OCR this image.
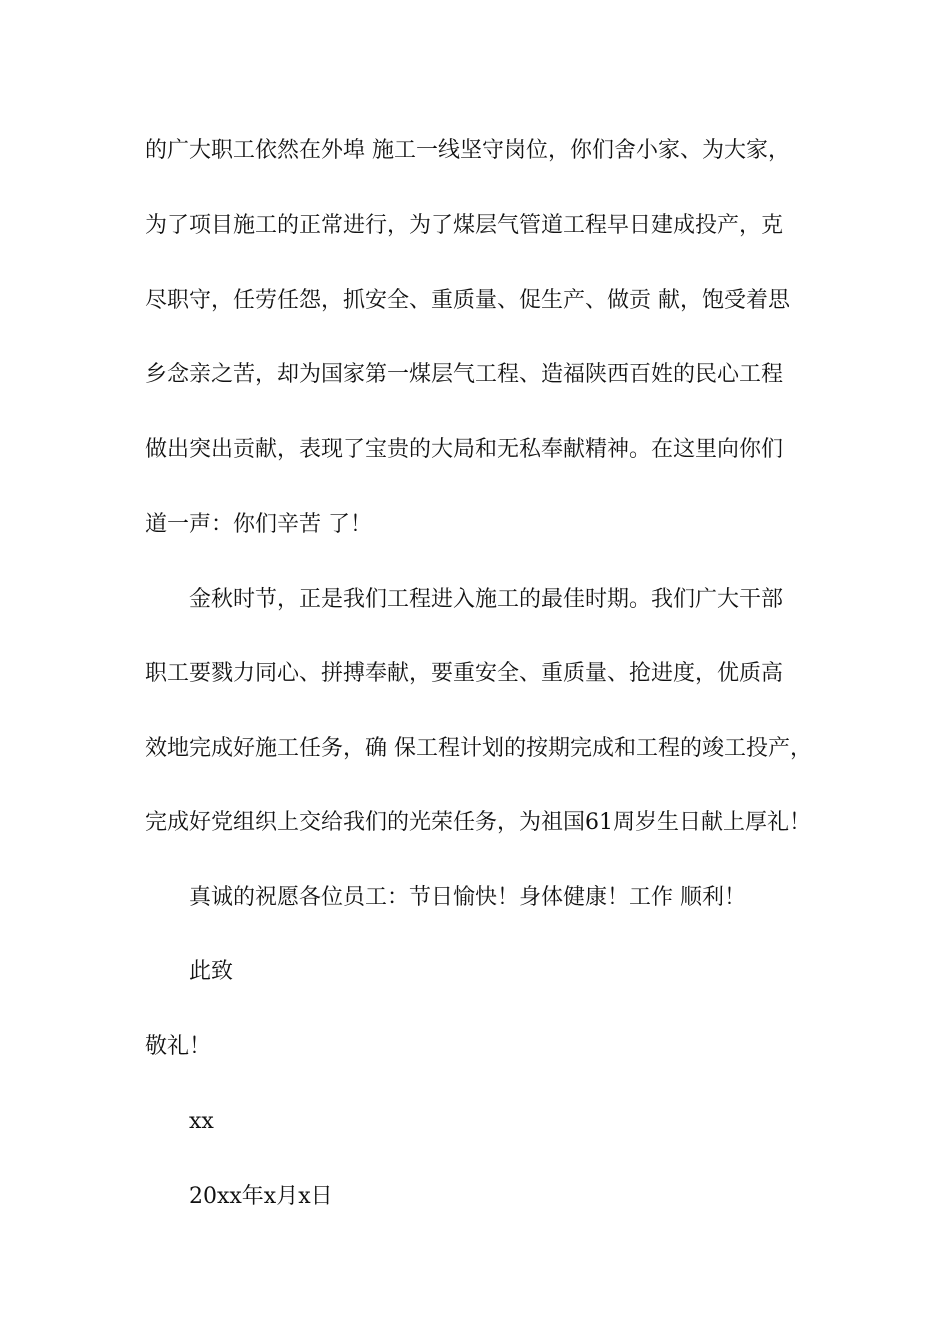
的广大职工依然在外埠 施工一线坚守岗位，你们舍小家、为大家，
为了项目施工的正常进行，为了煤层气管道工程早日建成投产，克
尽职守，任劳任怨，抓安全、重质量、促生产、做贡 献，饱受着思
乡念亲之苦，却为国家第一煤层气工程、造福陕西百姓的民心工程
做出突出贡献，表现了宝贵的大局和无私奉献精神。在这里向你们
道一声：你们辛苦 了！
金秋时节，正是我们工程进入施工的最佳时期。我们广大干部
职工要戮力同心、拼搏奉献，要重安全、重质量、抢进度，优质高
效地完成好施工任务，确 保工程计划的按期完成和工程的竣工投产，
完成好党组织上交给我们的光荣任务，为祖国61周岁生日献上厚礼！
真诚的祝愿各位员工：节日愉快！身体健康！工作 顺利！
此致
敬礼！
xx
20xx年x月x日
